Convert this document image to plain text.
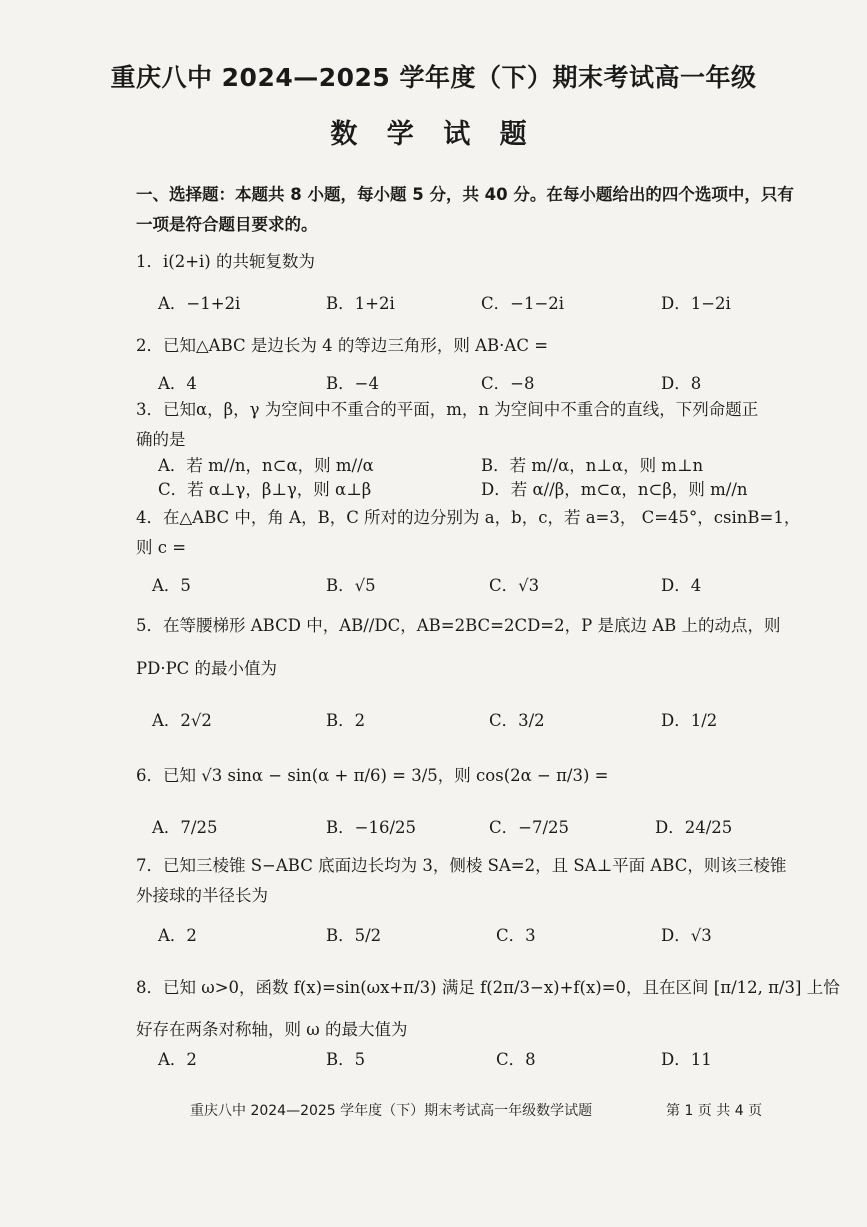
重庆八中 2024—2025 学年度（下）期末考试高一年级
数 学 试 题
一、选择题：本题共 8 小题，每小题 5 分，共 40 分。在每小题给出的四个选项中，只有
一项是符合题目要求的。
1．i(2+i) 的共轭复数为
A．−1+2i	B．1+2i	C．−1−2i	D．1−2i
2．已知△ABC 是边长为 4 的等边三角形，则 AB·AC =
A．4	B．−4	C．−8	D．8
3．已知α，β，γ 为空间中不重合的平面，m，n 为空间中不重合的直线，下列命题正
确的是
A．若 m//n，n⊂α，则 m//α	B．若 m//α，n⊥α，则 m⊥n
C．若 α⊥γ，β⊥γ，则 α⊥β	D．若 α//β，m⊂α，n⊂β，则 m//n
4．在△ABC 中，角 A，B，C 所对的边分别为 a，b，c，若 a=3， C=45°，csinB=1，
则 c =
A．5	B．√5	C．√3	D．4
5．在等腰梯形 ABCD 中，AB//DC，AB=2BC=2CD=2，P 是底边 AB 上的动点，则
PD·PC 的最小值为
A．2√2	B．2	C．3/2	D．1/2
6．已知 √3 sinα − sin(α + π/6) = 3/5，则 cos(2α − π/3) =
A．7/25	B．−16/25	C．−7/25	D．24/25
7．已知三棱锥 S−ABC 底面边长均为 3，侧棱 SA=2，且 SA⊥平面 ABC，则该三棱锥
外接球的半径长为
A．2	B．5/2	C．3	D．√3
8．已知 ω>0，函数 f(x)=sin(ωx+π/3) 满足 f(2π/3−x)+f(x)=0，且在区间 [π/12, π/3] 上恰
好存在两条对称轴，则 ω 的最大值为
A．2	B．5	C．8	D．11
重庆八中 2024—2025 学年度（下）期末考试高一年级数学试题	第 1 页 共 4 页
